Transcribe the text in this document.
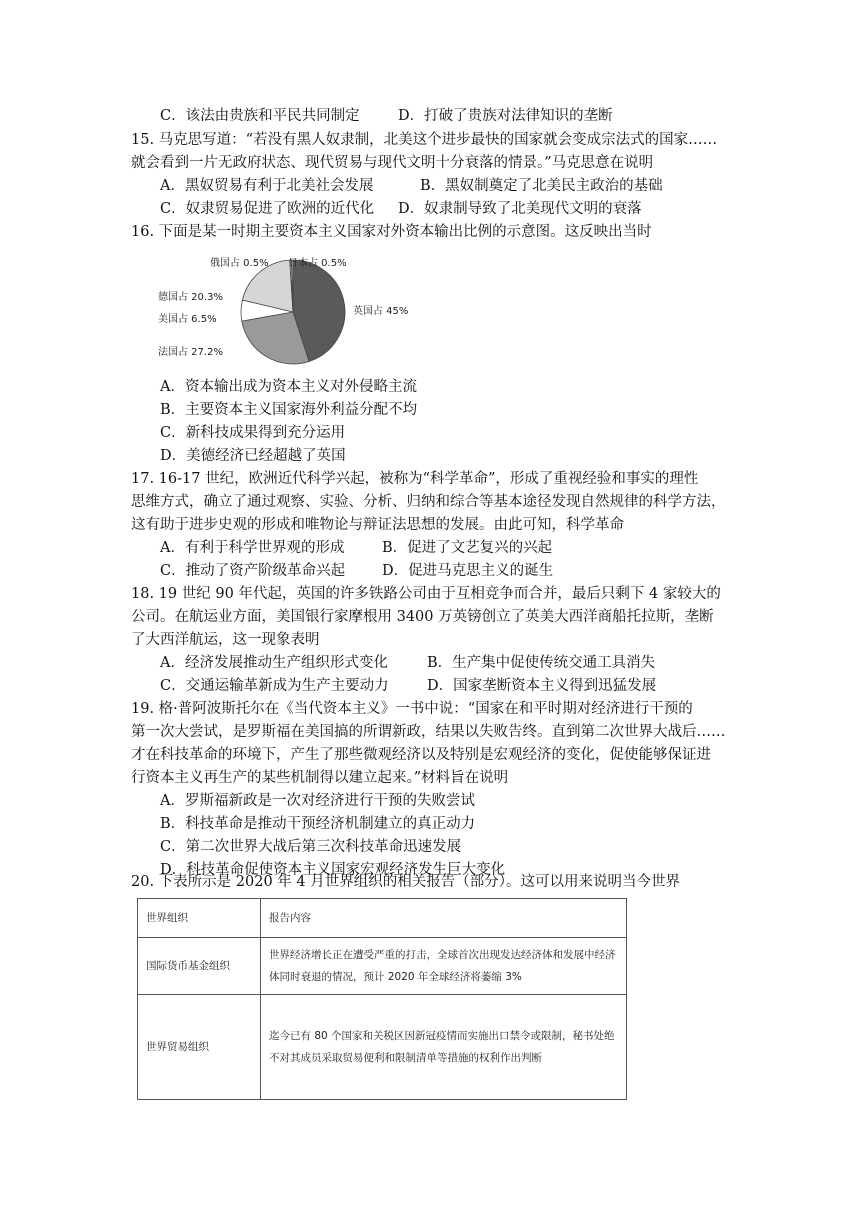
C．该法由贵族和平民共同制定	D．打破了贵族对法律知识的垄断
15. 马克思写道：“若没有黑人奴隶制，北美这个进步最快的国家就会变成宗法式的国家……
就会看到一片无政府状态、现代贸易与现代文明十分衰落的情景。”马克思意在说明
A．黑奴贸易有利于北美社会发展	B．黑奴制奠定了北美民主政治的基础
C．奴隶贸易促进了欧洲的近代化 D．奴隶制导致了北美现代文明的衰落
16. 下面是某一时期主要资本主义国家对外资本输出比例的示意图。这反映出当时
英国占 45%
法国占 27.2%
美国占 6.5%
德国占 20.3%
俄国占 0.5% 日本占 0.5%
A．资本输出成为资本主义对外侵略主流
B．主要资本主义国家海外利益分配不均
C．新科技成果得到充分运用
D．美德经济已经超越了英国
17. 16-17 世纪，欧洲近代科学兴起，被称为“科学革命”，形成了重视经验和事实的理性
思维方式，确立了通过观察、实验、分析、归纳和综合等基本途径发现自然规律的科学方法，
这有助于进步史观的形成和唯物论与辩证法思想的发展。由此可知，科学革命
A．有利于科学世界观的形成	B．促进了文艺复兴的兴起
C．推动了资产阶级革命兴起	D．促进马克思主义的诞生
18. 19 世纪 90 年代起，英国的许多铁路公司由于互相竞争而合并，最后只剩下 4 家较大的
公司。在航运业方面，美国银行家摩根用 3400 万英镑创立了英美大西洋商船托拉斯，垄断
了大西洋航运，这一现象表明
A．经济发展推动生产组织形式变化	B．生产集中促使传统交通工具消失
C．交通运输革新成为生产主要动力	D．国家垄断资本主义得到迅猛发展
19. 格·普阿波斯托尔在《当代资本主义》一书中说：“国家在和平时期对经济进行干预的
第一次大尝试，是罗斯福在美国搞的所谓新政，结果以失败告终。直到第二次世界大战后……
才在科技革命的环境下，产生了那些微观经济以及特别是宏观经济的变化，促使能够保证进
行资本主义再生产的某些机制得以建立起来。”材料旨在说明
A．罗斯福新政是一次对经济进行干预的失败尝试
B．科技革命是推动干预经济机制建立的真正动力
C．第二次世界大战后第三次科技革命迅速发展
D．科技革命促使资本主义国家宏观经济发生巨大变化
20. 下表所示是 2020 年 4 月世界组织的相关报告（部分）。这可以用来说明当今世界
世界组织	报告内容
国际货币基金组织	世界经济增长正在遭受严重的打击，全球首次出现发达经济体和发展中经济体同时衰退的情况，预计 2020 年全球经济将萎缩 3%
世界贸易组织	迄今已有 80 个国家和关税区因新冠疫情而实施出口禁令或限制，秘书处绝不对其成员采取贸易便利和限制清单等措施的权利作出判断
